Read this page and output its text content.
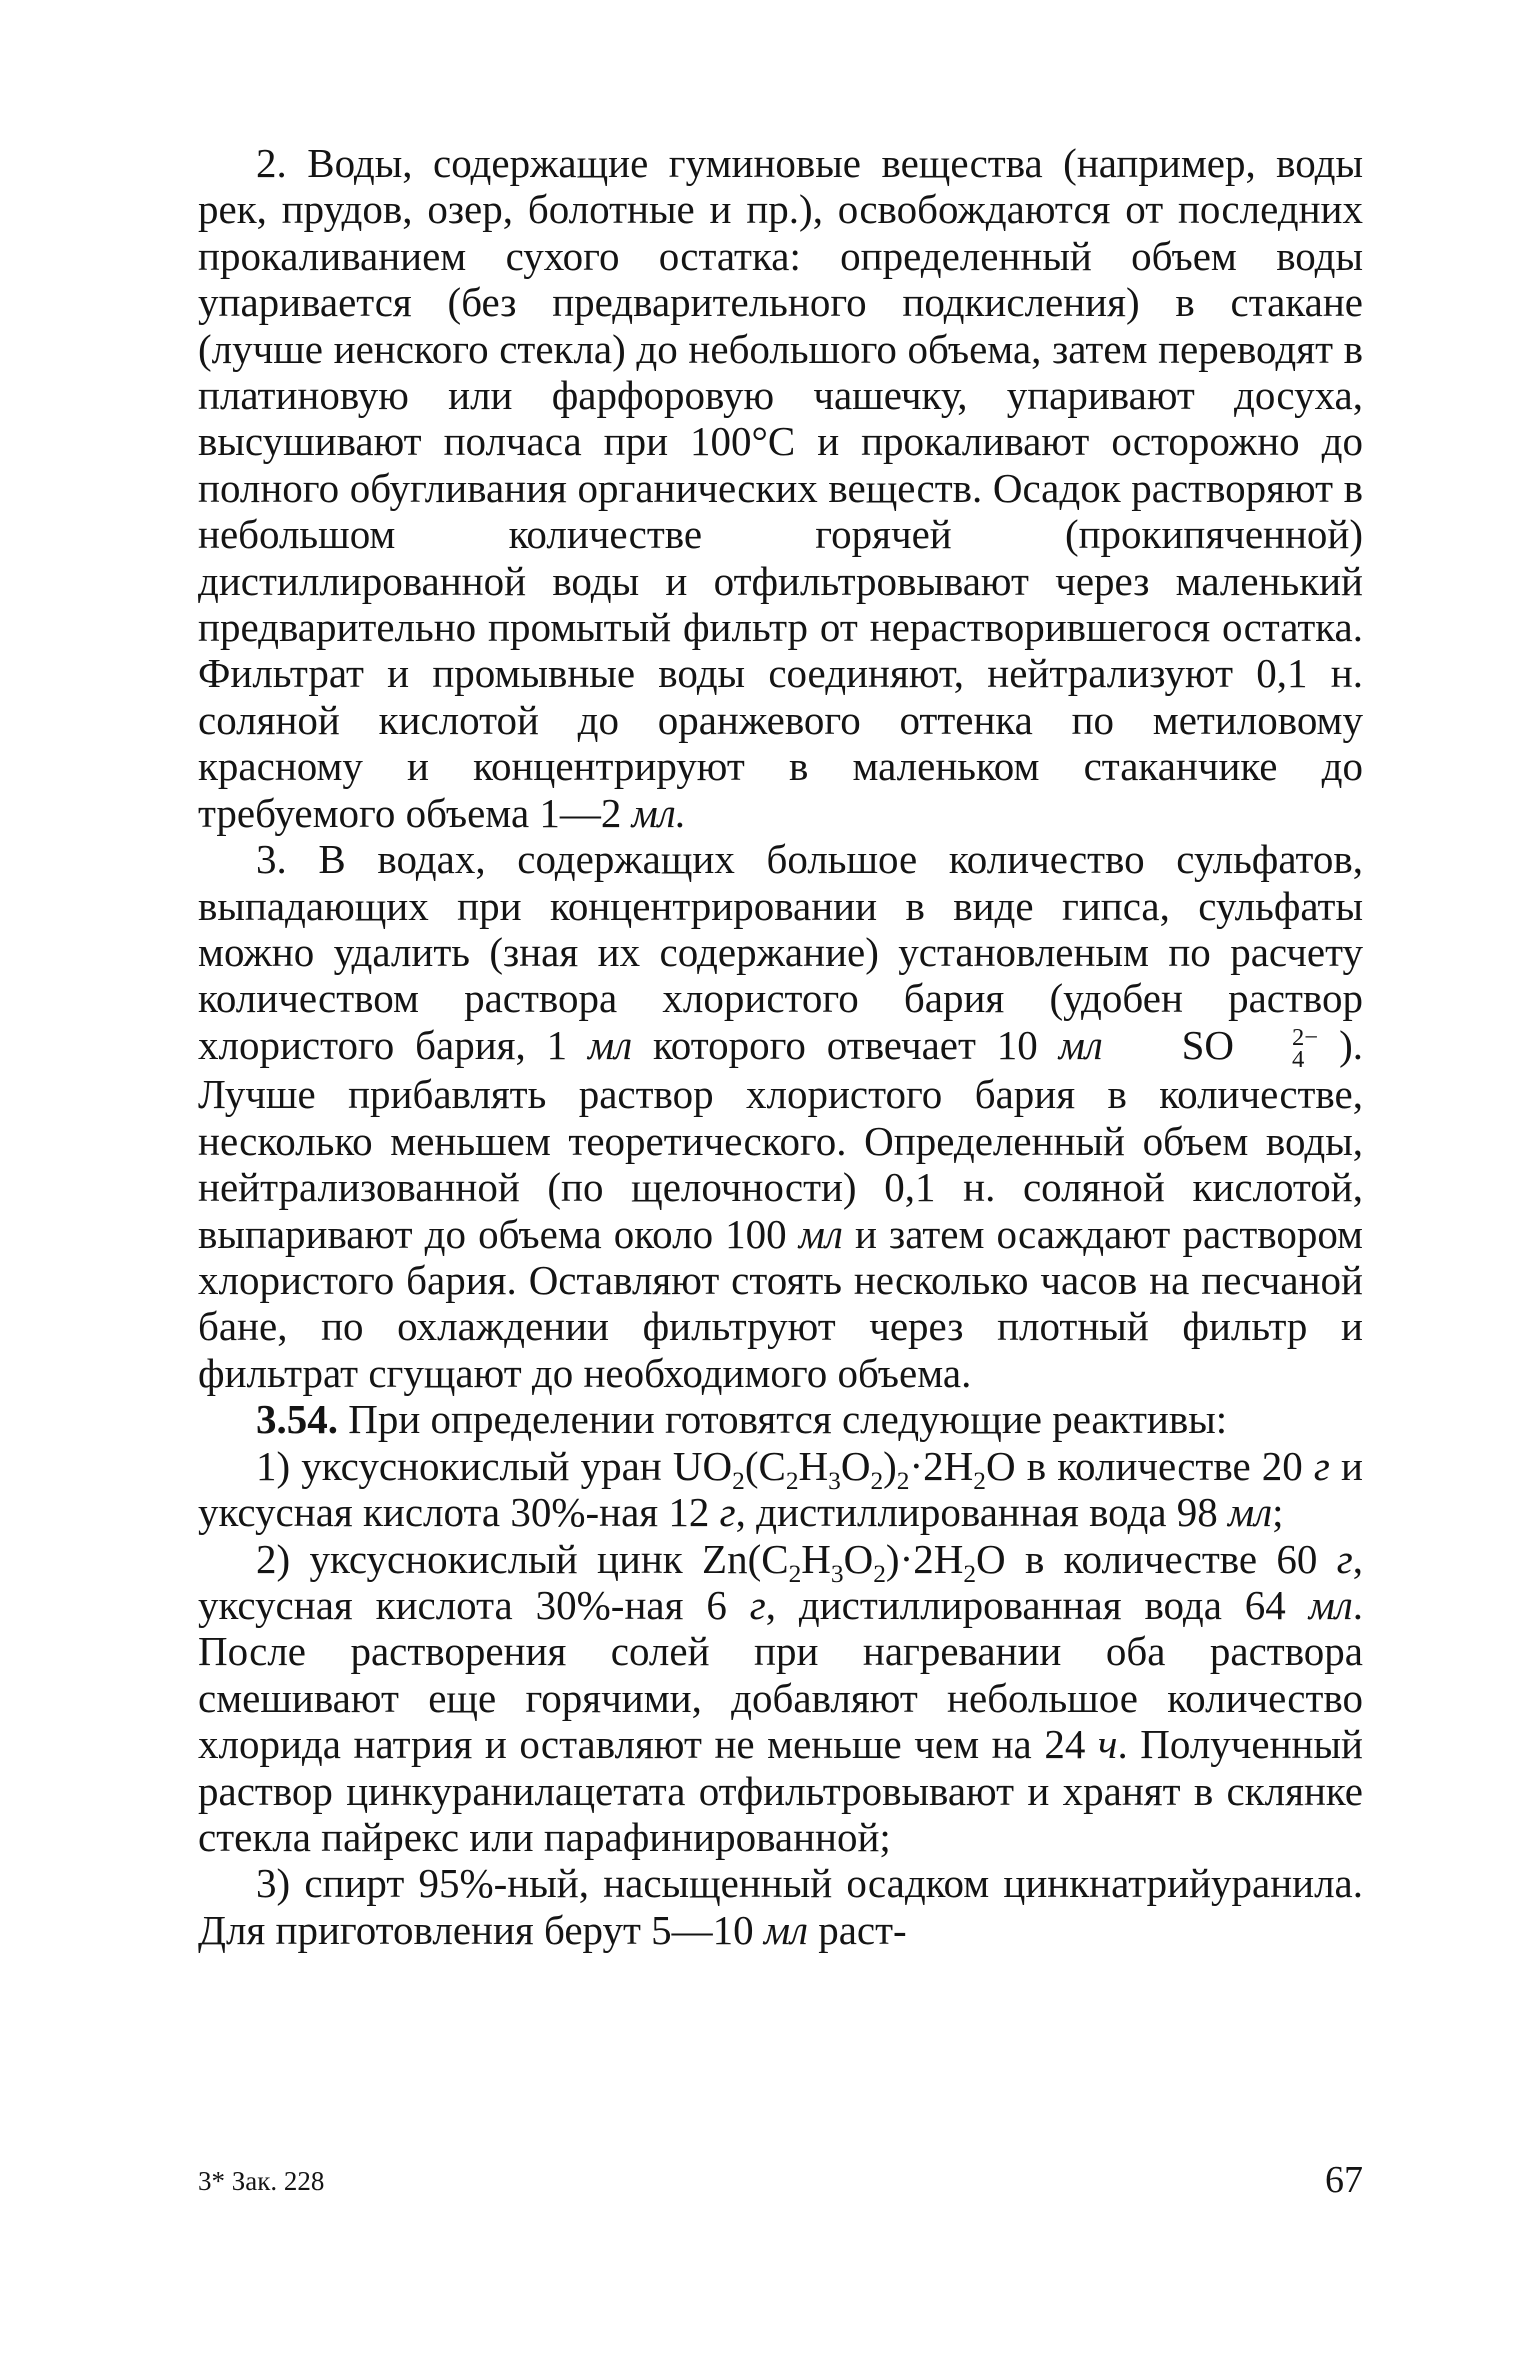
2. Воды, содержащие гуминовые вещества (например, воды рек, прудов, озер, болотные и пр.), освобождаются от последних прокаливанием сухого остатка: определенный объем воды упаривается (без предварительного подкисления) в стакане (лучше иенского стекла) до небольшого объема, затем переводят в платиновую или фарфоровую чашечку, упаривают досуха, высушивают полчаса при 100°С и прокаливают осторожно до полного обугливания органических веществ. Осадок растворяют в небольшом количестве горячей (прокипяченной) дистиллированной воды и отфильтровывают через маленький предварительно промытый фильтр от нерастворившегося остатка. Фильтрат и промывные воды соединяют, нейтрализуют 0,1 н. соляной кислотой до оранжевого оттенка по метиловому красному и концентрируют в маленьком стаканчике до требуемого объема 1—2 мл.

3. В водах, содержащих большое количество сульфатов, выпадающих при концентрировании в виде гипса, сульфаты можно удалить (зная их содержание) установленым по расчету количеством раствора хлористого бария (удобен раствор хлористого бария, 1 мл которого отвечает 10 мл SO	2−
4 ). Лучше прибавлять раствор хлористого бария в количестве, несколько меньшем теоретического. Определенный объем воды, нейтрализованной (по щелочности) 0,1 н. соляной кислотой, выпаривают до объема около 100 мл и затем осаждают раствором хлористого бария. Оставляют стоять несколько часов на песчаной бане, по охлаждении фильтруют через плотный фильтр и фильтрат сгущают до необходимого объема.

3.54. При определении готовятся следующие реактивы:

1) уксуснокислый уран $UO_2(C_2H_3O_2)_2\cdot 2H_2O$ в количестве 20 г и уксусная кислота 30%-ная 12 г, дистиллированная вода 98 мл;

2) уксуснокислый цинк $Zn(C_2H_3O_2)\cdot 2H_2O$ в количестве 60 г, уксусная кислота 30%-ная 6 г, дистиллированная вода 64 мл. После растворения солей при нагревании оба раствора смешивают еще горячими, добавляют небольшое количество хлорида натрия и оставляют не меньше чем на 24 ч. Полученный раствор цинкуранилацетата отфильтровывают и хранят в склянке стекла пайрекс или парафинированной;

3) спирт 95%-ный, насыщенный осадком цинкнатрийуранила. Для приготовления берут 5—10 мл раст-

3* Зак. 228	67
